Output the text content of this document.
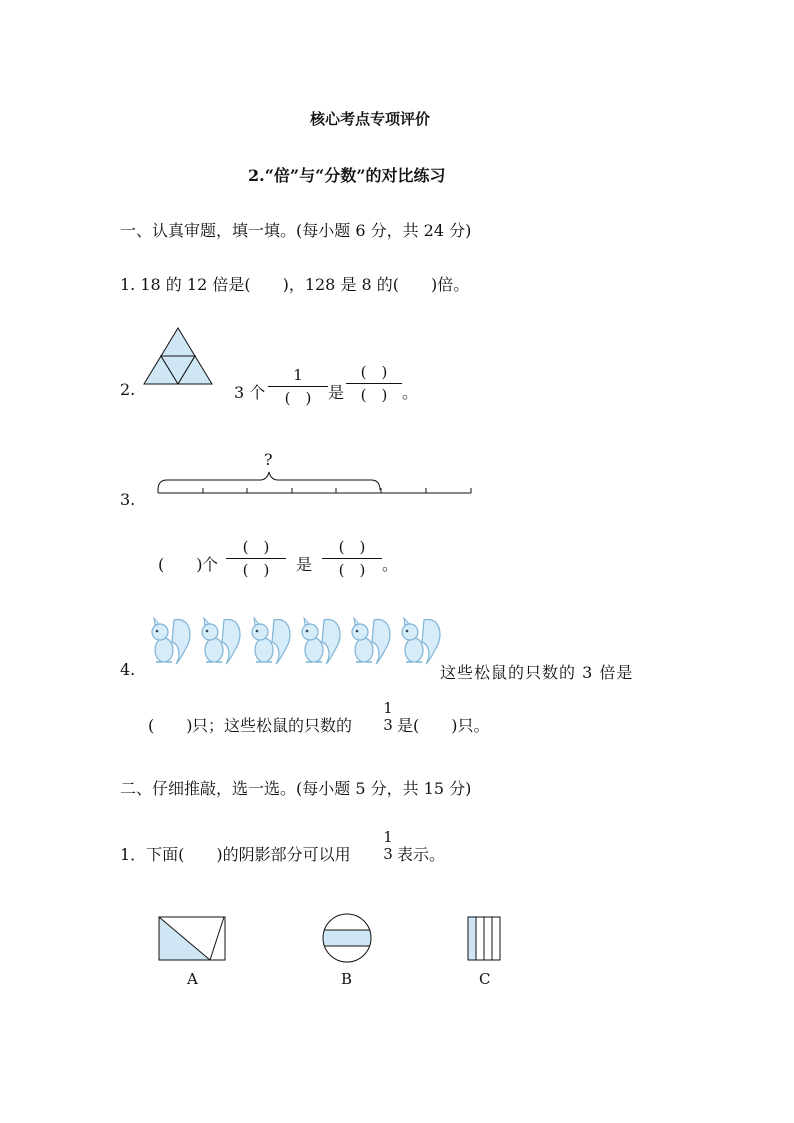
核心考点专项评价
2.“倍”与“分数”的对比练习
一、认真审题，填一填。(每小题 6 分，共 24 分)
1. 18 的 12 倍是(　　)，128 是 8 的(　　)倍。
2.	3 个
1
(　)	是
(　)
(　) 。
3.
?
(　　) 个
(　)
(　)	是
(　)
(　)	。
4.	这些松鼠的只数的 3 倍是
(　　) 只；这些松鼠的只数的
1
3 是(　　)只。
二、仔细推敲，选一选。(每小题 5 分，共 15 分)
1．下面(　　)的阴影部分可以用
1
3 表示。
A	B	C
